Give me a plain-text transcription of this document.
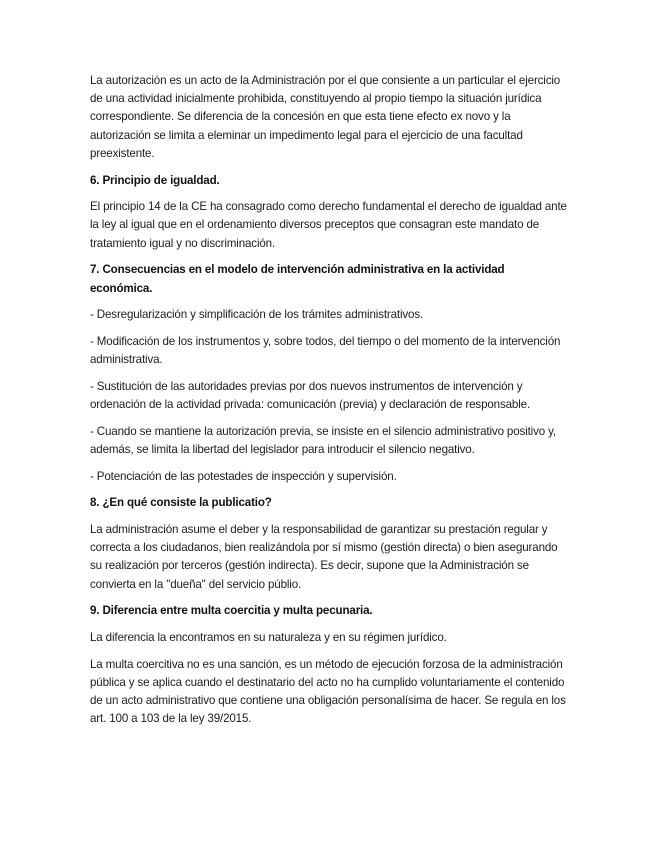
La autorización es un acto de la Administración por el que consiente a un particular el ejercicio de una actividad inicialmente prohibida, constituyendo al propio tiempo la situación jurídica correspondiente. Se diferencia de la concesión en que esta tiene efecto ex novo y la autorización se limita a eleminar un impedimento legal para el ejercicio de una facultad preexistente.

6. Principio de igualdad.

El principio 14 de la CE ha consagrado como derecho fundamental el derecho de igualdad ante la ley al igual que en el ordenamiento diversos preceptos que consagran este mandato de tratamiento igual y no discriminación.

7. Consecuencias en el modelo de intervención administrativa en la actividad económica.

- Desregularización y simplificación de los trámites administrativos.

- Modificación de los instrumentos y, sobre todos, del tiempo o del momento de la intervención administrativa.

- Sustitución de las autoridades previas por dos nuevos instrumentos de intervención y ordenación de la actividad privada: comunicación (previa) y declaración de responsable.

- Cuando se mantiene la autorización previa, se insiste en el silencio administrativo positivo y, además, se limita la libertad del legislador para introducir el silencio negativo.

- Potenciación de las potestades de inspección y supervisión.

8. ¿En qué consiste la publicatio?

La administración asume el deber y la responsabilidad de garantizar su prestación regular y correcta a los ciudadanos, bien realizándola por sí mismo (gestión directa) o bien asegurando su realización por terceros (gestión indirecta). Es decir, supone que la Administración se convierta en la "dueña" del servicio públio.

9. Diferencia entre multa coercitia y multa pecunaria.

La diferencia la encontramos en su naturaleza y en su régimen jurídico.

La multa coercitiva no es una sanción, es un método de ejecución forzosa de la administración pública y se aplica cuando el destinatario del acto no ha cumplido voluntariamente el contenido de un acto administrativo que contiene una obligación personalísima de hacer. Se regula en los art. 100 a 103 de la ley 39/2015.
